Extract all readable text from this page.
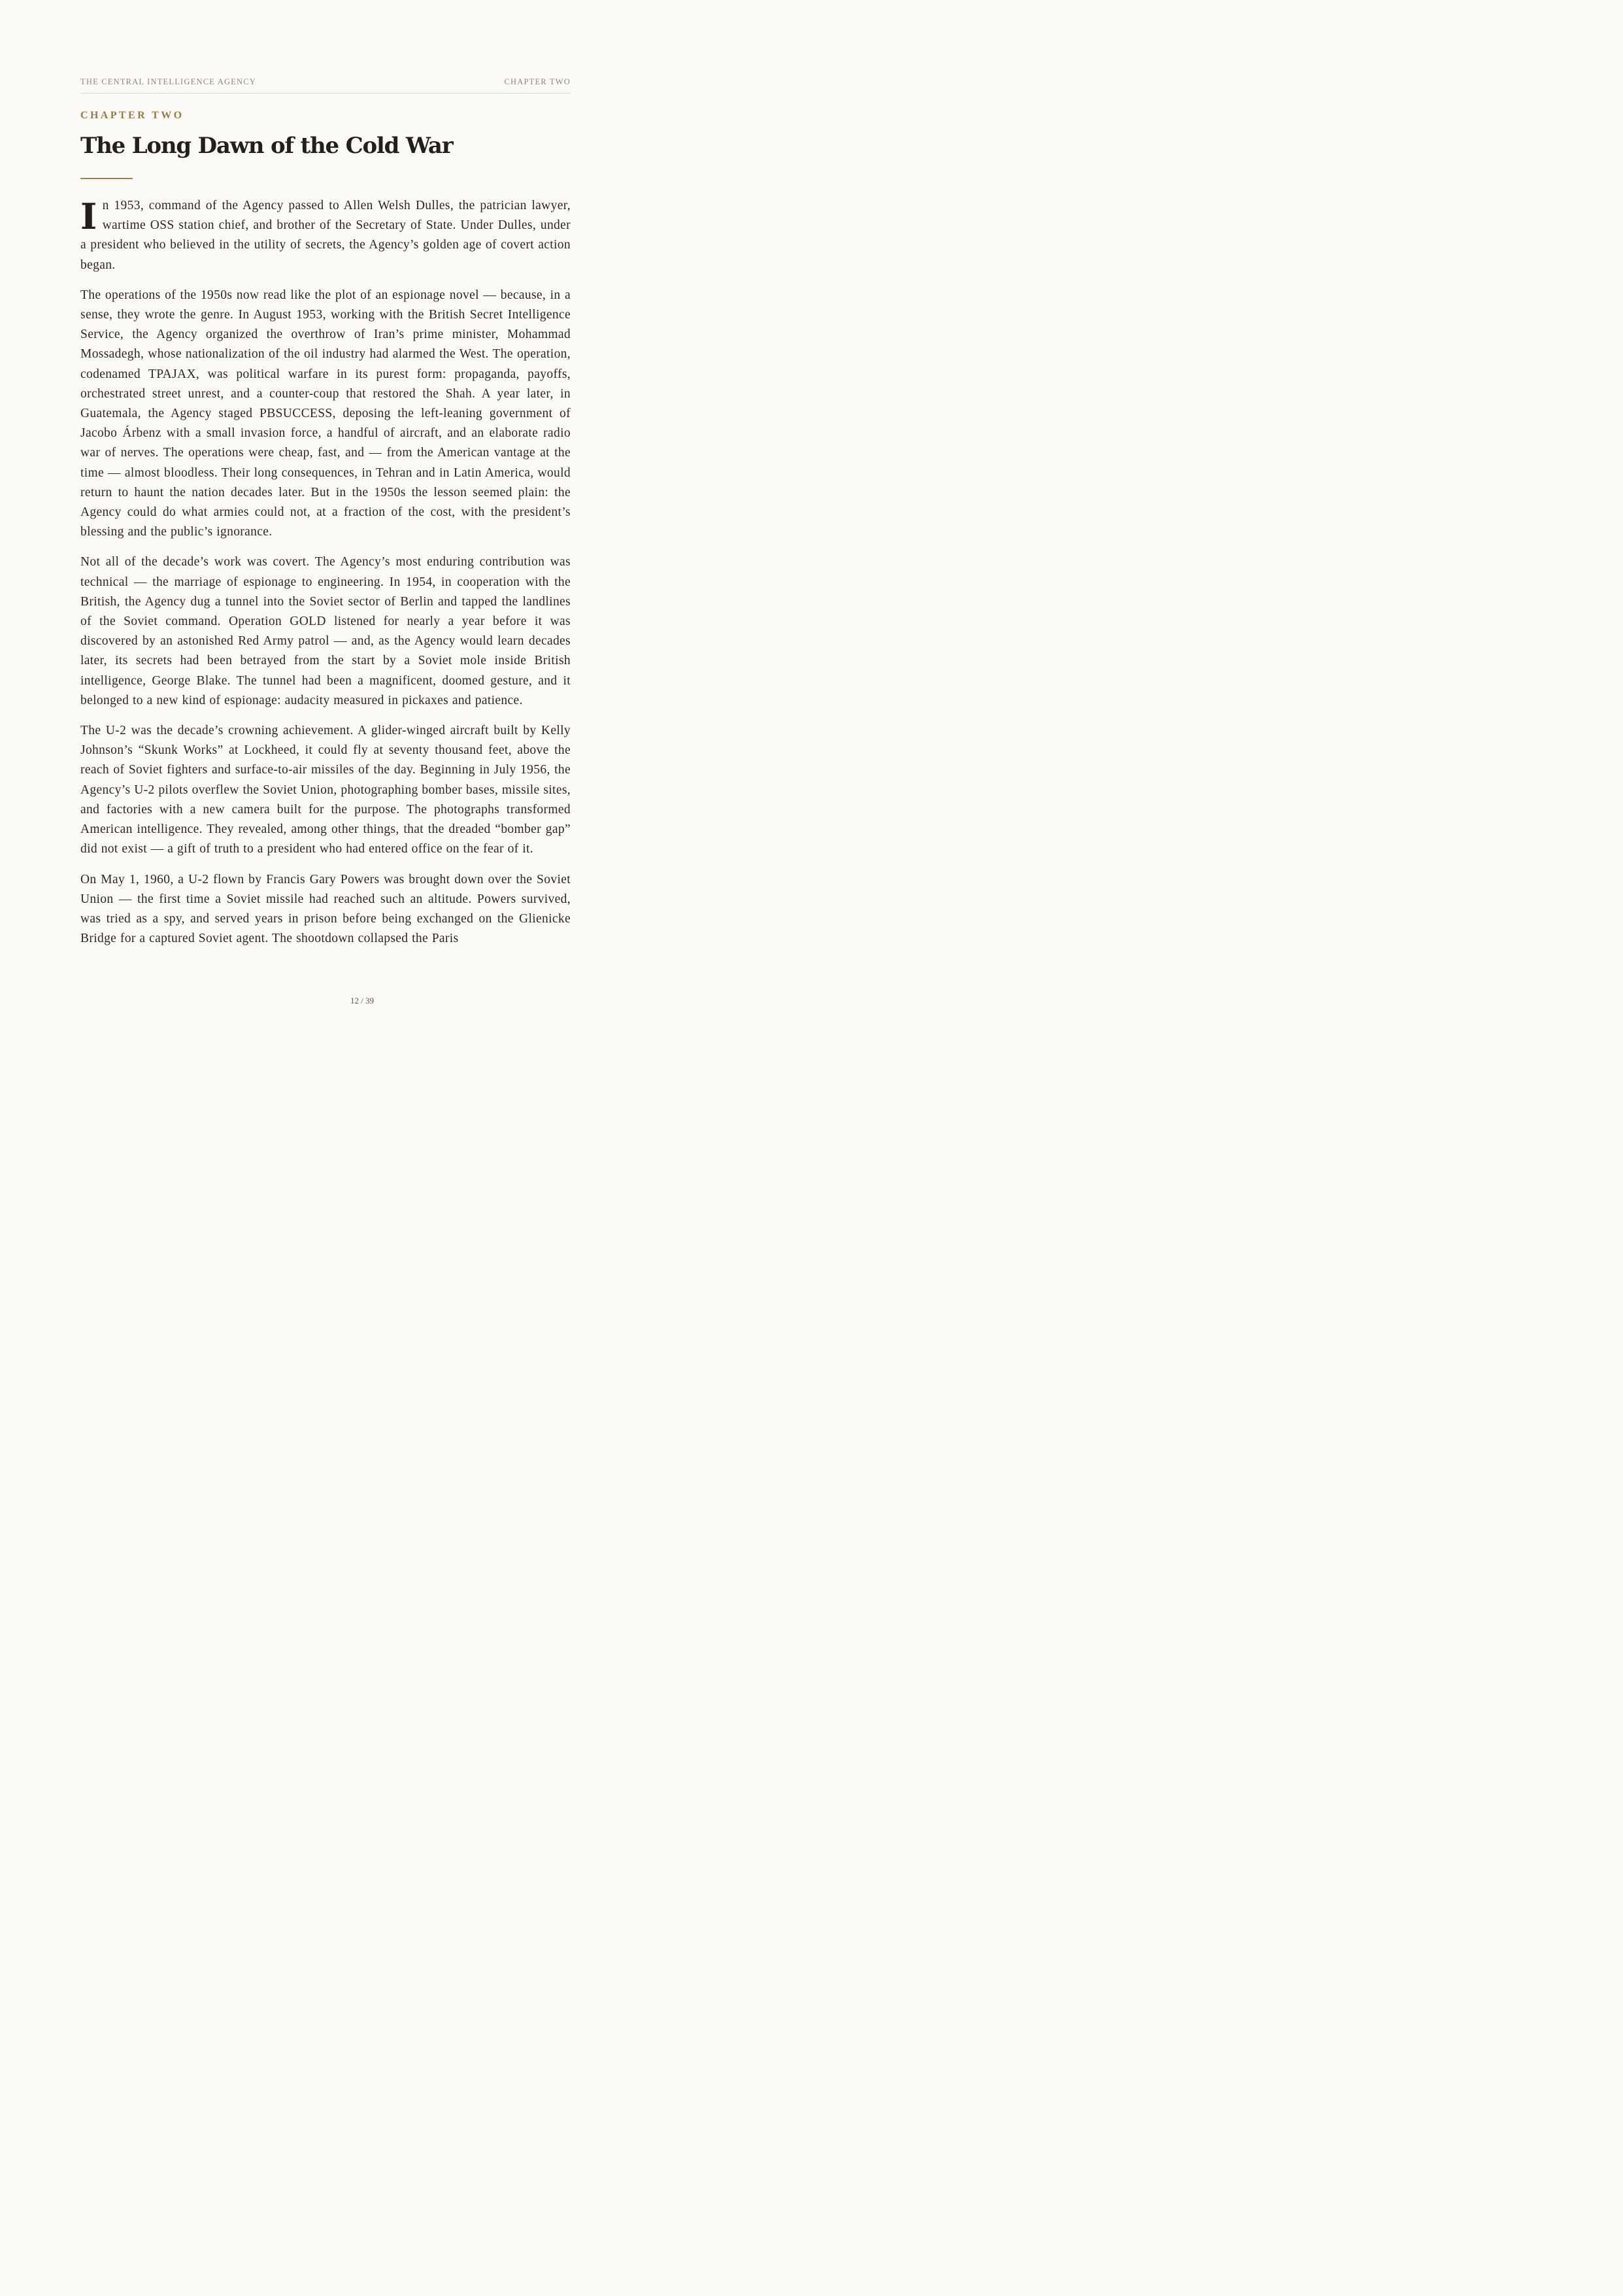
THE CENTRAL INTELLIGENCE AGENCY	CHAPTER TWO
CHAPTER TWO
The Long Dawn of the Cold War

In 1953, command of the Agency passed to Allen Welsh Dulles, the patrician lawyer, wartime OSS station chief, and brother of the Secretary of State. Under Dulles, under a president who believed in the utility of secrets, the Agency’s golden age of covert action began.

The operations of the 1950s now read like the plot of an espionage novel — because, in a sense, they wrote the genre. In August 1953, working with the British Secret Intelligence Service, the Agency organized the overthrow of Iran’s prime minister, Mohammad Mossadegh, whose nationalization of the oil industry had alarmed the West. The operation, codenamed TPAJAX, was political warfare in its purest form: propaganda, payoffs, orchestrated street unrest, and a counter-coup that restored the Shah. A year later, in Guatemala, the Agency staged PBSUCCESS, deposing the left-leaning government of Jacobo Árbenz with a small invasion force, a handful of aircraft, and an elaborate radio war of nerves. The operations were cheap, fast, and — from the American vantage at the time — almost bloodless. Their long consequences, in Tehran and in Latin America, would return to haunt the nation decades later. But in the 1950s the lesson seemed plain: the Agency could do what armies could not, at a fraction of the cost, with the president’s blessing and the public’s ignorance.

Not all of the decade’s work was covert. The Agency’s most enduring contribution was technical — the marriage of espionage to engineering. In 1954, in cooperation with the British, the Agency dug a tunnel into the Soviet sector of Berlin and tapped the landlines of the Soviet command. Operation GOLD listened for nearly a year before it was discovered by an astonished Red Army patrol — and, as the Agency would learn decades later, its secrets had been betrayed from the start by a Soviet mole inside British intelligence, George Blake. The tunnel had been a magnificent, doomed gesture, and it belonged to a new kind of espionage: audacity measured in pickaxes and patience.

The U-2 was the decade’s crowning achievement. A glider-winged aircraft built by Kelly Johnson’s “Skunk Works” at Lockheed, it could fly at seventy thousand feet, above the reach of Soviet fighters and surface-to-air missiles of the day. Beginning in July 1956, the Agency’s U-2 pilots overflew the Soviet Union, photographing bomber bases, missile sites, and factories with a new camera built for the purpose. The photographs transformed American intelligence. They revealed, among other things, that the dreaded “bomber gap” did not exist — a gift of truth to a president who had entered office on the fear of it.

On May 1, 1960, a U-2 flown by Francis Gary Powers was brought down over the Soviet Union — the first time a Soviet missile had reached such an altitude. Powers survived, was tried as a spy, and served years in prison before being exchanged on the Glienicke Bridge for a captured Soviet agent. The shootdown collapsed the Paris

12 / 39
